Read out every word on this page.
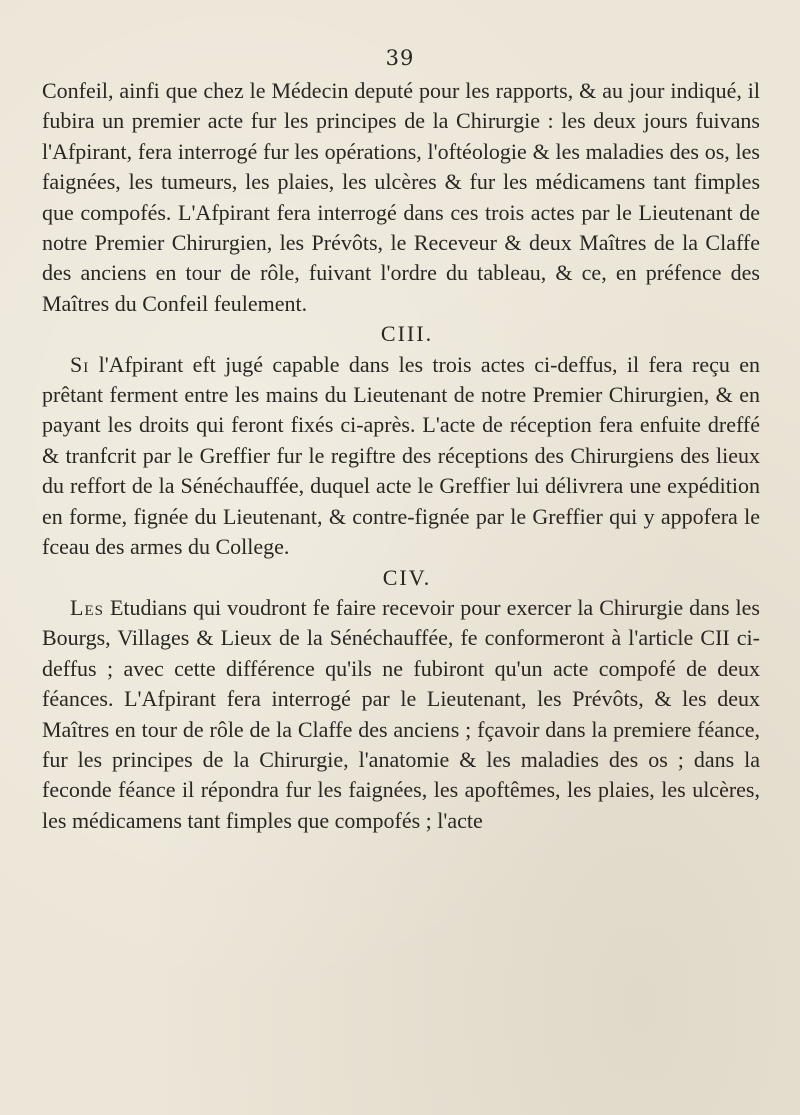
39

Confeil, ainfi que chez le Médecin deputé pour les rapports, & au jour indiqué, il fubira un premier acte fur les principes de la Chirurgie : les deux jours fuivans l'Afpirant, fera interrogé fur les opérations, l'oftéologie & les maladies des os, les faignées, les tumeurs, les plaies, les ulcères & fur les médicamens tant fimples que compofés. L'Afpirant fera interrogé dans ces trois actes par le Lieutenant de notre Premier Chirurgien, les Prévôts, le Receveur & deux Maîtres de la Claffe des anciens en tour de rôle, fuivant l'ordre du tableau, & ce, en préfence des Maîtres du Confeil feulement.

CIII.

Si l'Afpirant eft jugé capable dans les trois actes ci-deffus, il fera reçu en prêtant ferment entre les mains du Lieutenant de notre Premier Chirurgien, & en payant les droits qui feront fixés ci-après. L'acte de réception fera enfuite dreffé & tranfcrit par le Greffier fur le regiftre des réceptions des Chirurgiens des lieux du reffort de la Sénéchauffée, duquel acte le Greffier lui délivrera une expédition en forme, fignée du Lieutenant, & contre-fignée par le Greffier qui y appofera le fceau des armes du College.

CIV.

Les Etudians qui voudront fe faire recevoir pour exercer la Chirurgie dans les Bourgs, Villages & Lieux de la Sénéchauffée, fe conformeront à l'article CII ci-deffus ; avec cette différence qu'ils ne fubiront qu'un acte compofé de deux féances. L'Afpirant fera interrogé par le Lieutenant, les Prévôts, & les deux Maîtres en tour de rôle de la Claffe des anciens ; fçavoir dans la premiere féance, fur les principes de la Chirurgie, l'anatomie & les maladies des os ; dans la feconde féance il répondra fur les faignées, les apoftêmes, les plaies, les ulcères, les médicamens tant fimples que compofés ; l'acte
